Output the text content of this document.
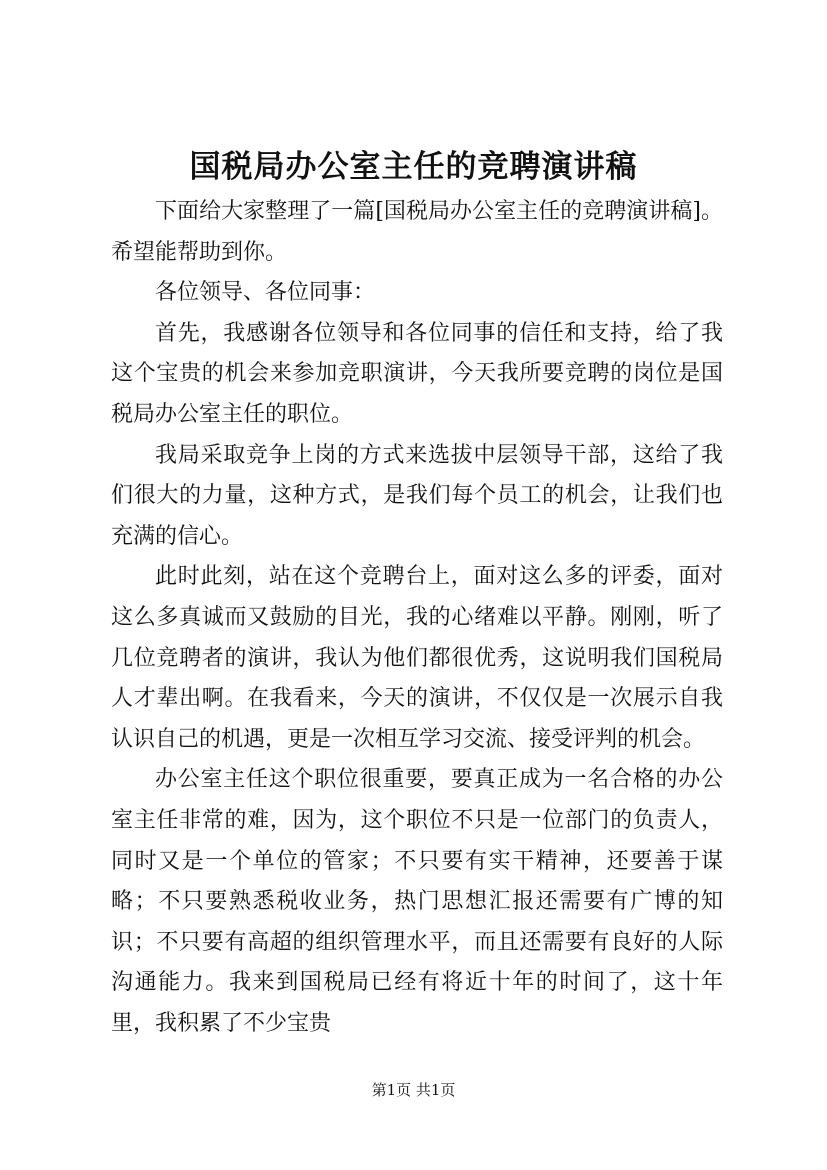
国税局办公室主任的竞聘演讲稿

下面给大家整理了一篇[国税局办公室主任的竞聘演讲稿]。希望能帮助到你。

各位领导、各位同事：

首先，我感谢各位领导和各位同事的信任和支持，给了我这个宝贵的机会来参加竞职演讲，今天我所要竞聘的岗位是国税局办公室主任的职位。

我局采取竞争上岗的方式来选拔中层领导干部，这给了我们很大的力量，这种方式，是我们每个员工的机会，让我们也充满的信心。

此时此刻，站在这个竞聘台上，面对这么多的评委，面对这么多真诚而又鼓励的目光，我的心绪难以平静。刚刚，听了几位竞聘者的演讲，我认为他们都很优秀，这说明我们国税局人才辈出啊。在我看来，今天的演讲，不仅仅是一次展示自我认识自己的机遇，更是一次相互学习交流、接受评判的机会。

办公室主任这个职位很重要，要真正成为一名合格的办公室主任非常的难，因为，这个职位不只是一位部门的负责人，同时又是一个单位的管家；不只要有实干精神，还要善于谋略；不只要熟悉税收业务，热门思想汇报还需要有广博的知识；不只要有高超的组织管理水平，而且还需要有良好的人际沟通能力。我来到国税局已经有将近十年的时间了，这十年里，我积累了不少宝贵

第1页 共1页
